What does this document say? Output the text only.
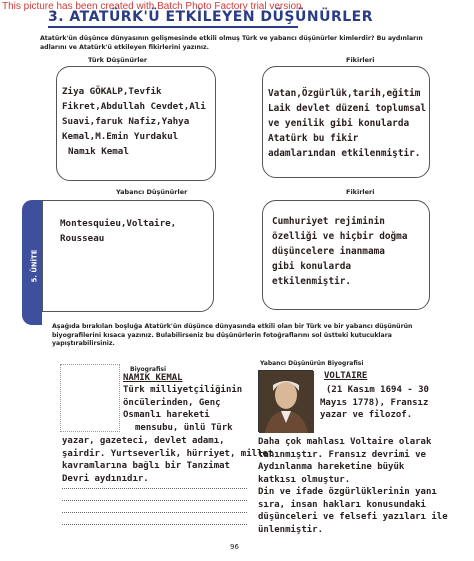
This picture has been created with Batch Photo Factory trial version
3. ATATÜRK'Ü ETKİLEYEN DÜŞÜNÜRLER
Atatürk'ün düşünce dünyasının gelişmesinde etkili olmuş Türk ve yabancı düşünürler kimlerdir? Bu aydınların adlarını ve Atatürk'ü etkileyen fikirlerini yazınız.
Türk Düşünürler	Fikirleri
Ziya GÖKALP,Tevfik
Fikret,Abdullah Cevdet,Ali
Suavi,faruk Nafiz,Yahya
Kemal,M.Emin Yurdakul
Namık Kemal
Vatan,Özgürlük,tarih,eğitim
Laik devlet düzeni toplumsal
ve yenilik gibi konularda
Atatürk bu fikir
adamlarından etkilenmiştir.
Yabancı Düşünürler	Fikirleri
5. ÜNİTE
Montesquieu,Voltaire,
Rousseau
Cumhuriyet rejiminin
özelliği ve hiçbir doğma
düşüncelere inanmama
gibi konularda
etkilenmiştir.
Aşağıda bırakılan boşluğa Atatürk'ün düşünce dünyasında etkili olan bir Türk ve bir yabancı düşünürün biyografilerini kısaca yazınız. Bulabilirseniz bu düşünürlerin fotoğraflarını sol üstteki kutucuklara yapıştırabilirsiniz.
Biyografisi
NAMIK KEMAL
Türk milliyetçiliğinin
öncülerinden, Genç
Osmanlı hareketi
mensubu, ünlü Türk
yazar, gazeteci, devlet adamı,
şairdir. Yurtseverlik, hürriyet, millet
kavramlarına bağlı bir Tanzimat
Devri aydınıdır.
Yabancı Düşünürün Biyografisi
VOLTAIRE
(21 Kasım 1694 - 30
Mayıs 1778), Fransız
yazar ve filozof.
Daha çok mahlası Voltaire olarak
tanınmıştır. Fransız devrimi ve
Aydınlanma hareketine büyük
katkısı olmuştur.
Din ve ifade özgürlüklerinin yanı
sıra, insan hakları konusundaki
düşünceleri ve felsefi yazıları ile
ünlenmiştir.
96
